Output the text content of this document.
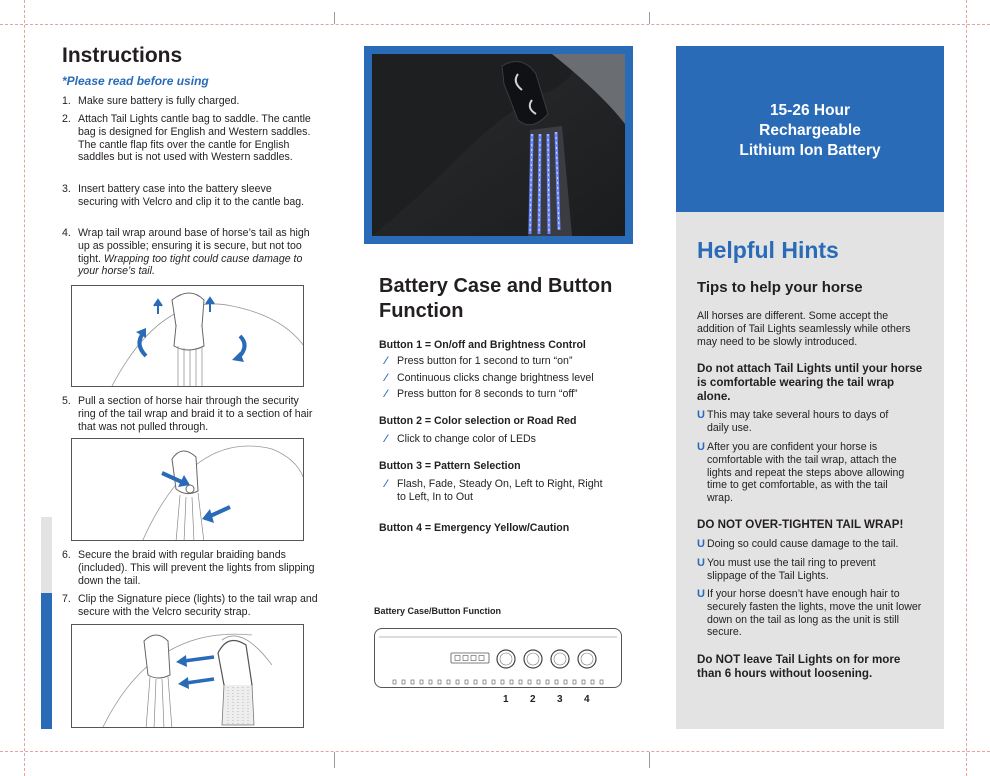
Instructions
*Please read before using
1. Make sure battery is fully charged.
2. Attach Tail Lights cantle bag to saddle. The cantle bag is designed for English and Western saddles. The cantle flap fits over the cantle for English saddles but is not used with Western saddles.
3. Insert battery case into the battery sleeve securing with Velcro and clip it to the cantle bag.
4. Wrap tail wrap around base of horse’s tail as high up as possible; ensuring it is secure, but not too tight. Wrapping too tight could cause damage to your horse’s tail.
5. Pull a section of horse hair through the security ring of the tail wrap and braid it to a section of hair that was not pulled through.
6. Secure the braid with regular braiding bands (included). This will prevent the lights from slipping down the tail.
7. Clip the Signature piece (lights) to the tail wrap and secure with the Velcro security strap.
Battery Case and Button Function
Button 1 = On/off and Brightness Control
⁄ Press button for 1 second to turn “on”
⁄ Continuous clicks change brightness level
⁄ Press button for 8 seconds to turn “off”
Button 2 = Color selection or Road Red
⁄ Click to change color of LEDs
Button 3 = Pattern Selection
⁄ Flash, Fade, Steady On, Left to Right, Right to Left, In to Out
Button 4 = Emergency Yellow/Caution
Battery Case/Button Function
1 2 3 4
15-26 Hour
Rechargeable
Lithium Ion Battery
Helpful Hints
Tips to help your horse
All horses are different. Some accept the addition of Tail Lights seamlessly while others may need to be slowly introduced.
Do not attach Tail Lights until your horse is comfortable wearing the tail wrap alone.
U This may take several hours to days of daily use.
U After you are confident your horse is comfortable with the tail wrap, attach the lights and repeat the steps above allowing time to get comfortable, as with the tail wrap.
DO NOT OVER-TIGHTEN TAIL WRAP!
U Doing so could cause damage to the tail.
U You must use the tail ring to prevent slippage of the Tail Lights.
U If your horse doesn’t have enough hair to securely fasten the lights, move the unit lower down on the tail as long as the unit is still secure.
Do NOT leave Tail Lights on for more than 6 hours without loosening.
